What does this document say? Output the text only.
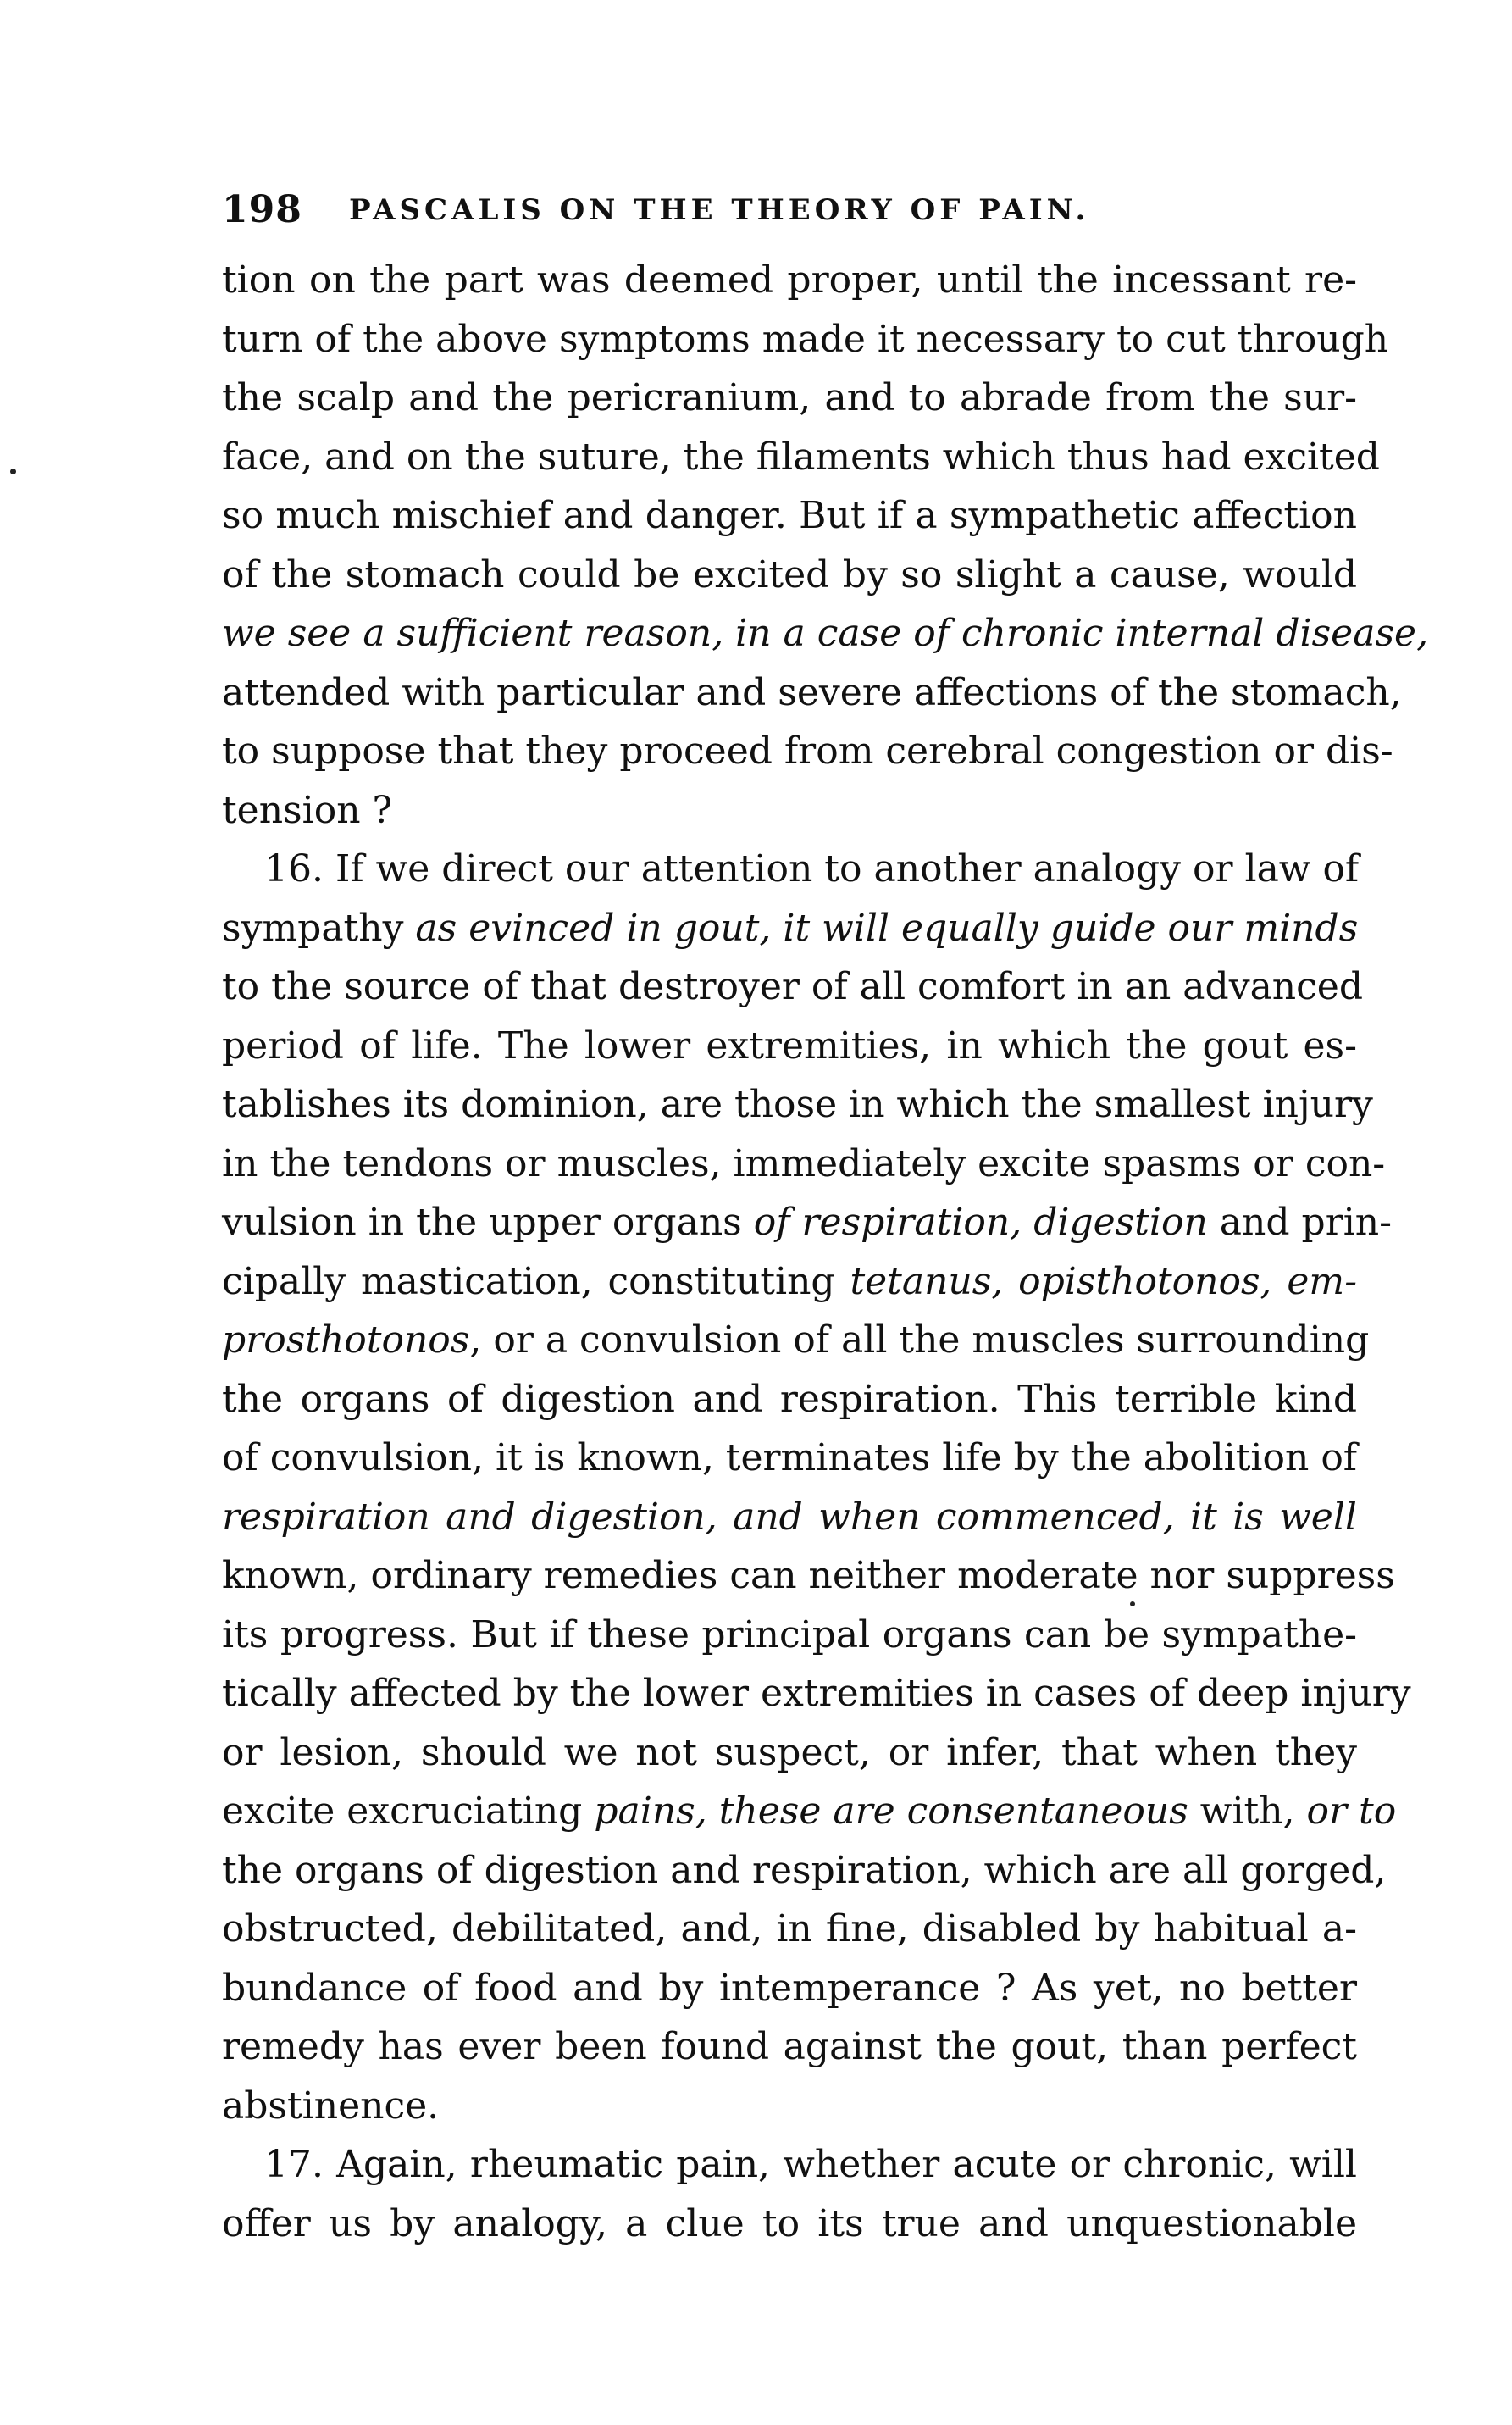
198 PASCALIS ON THE THEORY OF PAIN.
tion on the part was deemed proper, until the incessant re-
turn of the above symptoms made it necessary to cut through
the scalp and the pericranium, and to abrade from the sur-
face, and on the suture, the filaments which thus had excited
so much mischief and danger. But if a sympathetic affection
of the stomach could be excited by so slight a cause, would
we see a sufficient reason, in a case of chronic internal disease,
attended with particular and severe affections of the stomach,
to suppose that they proceed from cerebral congestion or dis-
tension ?
16. If we direct our attention to another analogy or law of
sympathy as evinced in gout, it will equally guide our minds
to the source of that destroyer of all comfort in an advanced
period of life. The lower extremities, in which the gout es-
tablishes its dominion, are those in which the smallest injury
in the tendons or muscles, immediately excite spasms or con-
vulsion in the upper organs of respiration, digestion and prin-
cipally mastication, constituting tetanus, opisthotonos, em-
prosthotonos, or a convulsion of all the muscles surrounding
the organs of digestion and respiration. This terrible kind
of convulsion, it is known, terminates life by the abolition of
respiration and digestion, and when commenced, it is well
known, ordinary remedies can neither moderate nor suppress
its progress. But if these principal organs can be sympathe-
tically affected by the lower extremities in cases of deep injury
or lesion, should we not suspect, or infer, that when they
excite excruciating pains, these are consentaneous with, or to
the organs of digestion and respiration, which are all gorged,
obstructed, debilitated, and, in fine, disabled by habitual a-
bundance of food and by intemperance ? As yet, no better
remedy has ever been found against the gout, than perfect
abstinence.
17. Again, rheumatic pain, whether acute or chronic, will
offer us by analogy, a clue to its true and unquestionable
